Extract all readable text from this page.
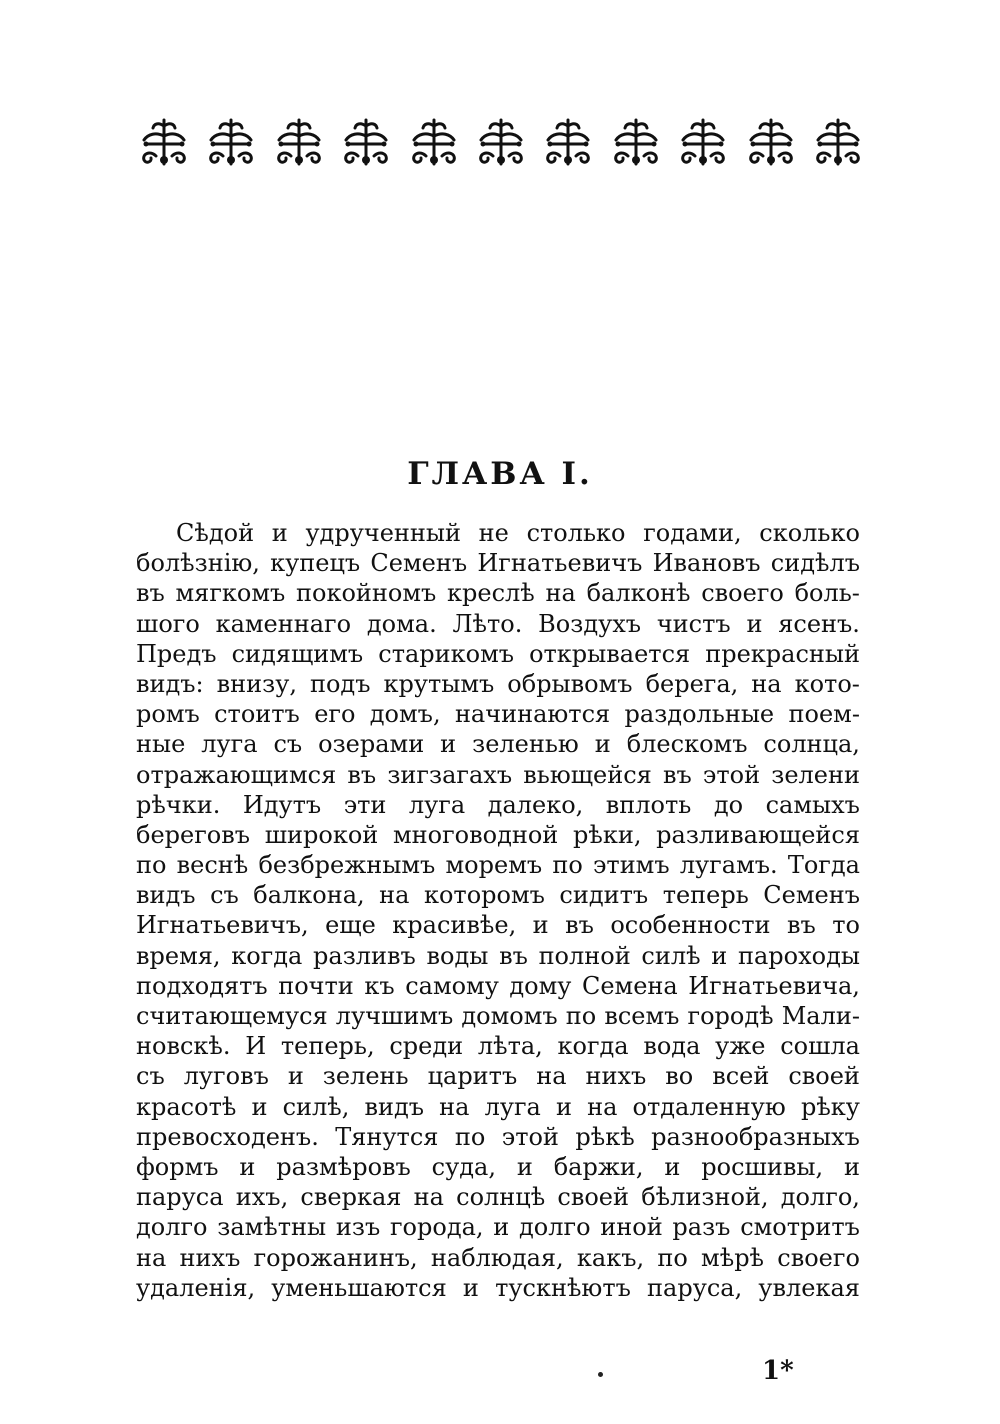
ГЛАВА I.
Сѣдой и удрученный не столько годами, сколько
болѣзнію, купецъ Семенъ Игнатьевичъ Ивановъ сидѣлъ
въ мягкомъ покойномъ креслѣ на балконѣ своего боль-
шого каменнаго дома. Лѣто. Воздухъ чистъ и ясенъ.
Предъ сидящимъ старикомъ открывается прекрасный
видъ: внизу, подъ крутымъ обрывомъ берега, на кото-
ромъ стоитъ его домъ, начинаются раздольные поем-
ные луга съ озерами и зеленью и блескомъ солнца,
отражающимся въ зигзагахъ вьющейся въ этой зелени
рѣчки. Идутъ эти луга далеко, вплоть до самыхъ
береговъ широкой многоводной рѣки, разливающейся
по веснѣ безбрежнымъ моремъ по этимъ лугамъ. Тогда
видъ съ балкона, на которомъ сидитъ теперь Семенъ
Игнатьевичъ, еще красивѣе, и въ особенности въ то
время, когда разливъ воды въ полной силѣ и пароходы
подходятъ почти къ самому дому Семена Игнатьевича,
считающемуся лучшимъ домомъ по всемъ городѣ Мали-
новскѣ. И теперь, среди лѣта, когда вода уже сошла
съ луговъ и зелень царитъ на нихъ во всей своей
красотѣ и силѣ, видъ на луга и на отдаленную рѣку
превосходенъ. Тянутся по этой рѣкѣ разнообразныхъ
формъ и размѣровъ суда, и баржи, и росшивы, и
паруса ихъ, сверкая на солнцѣ своей бѣлизной, долго,
долго замѣтны изъ города, и долго иной разъ смотритъ
на нихъ горожанинъ, наблюдая, какъ, по мѣрѣ своего
удаленія, уменьшаются и тускнѣютъ паруса, увлекая
1*
